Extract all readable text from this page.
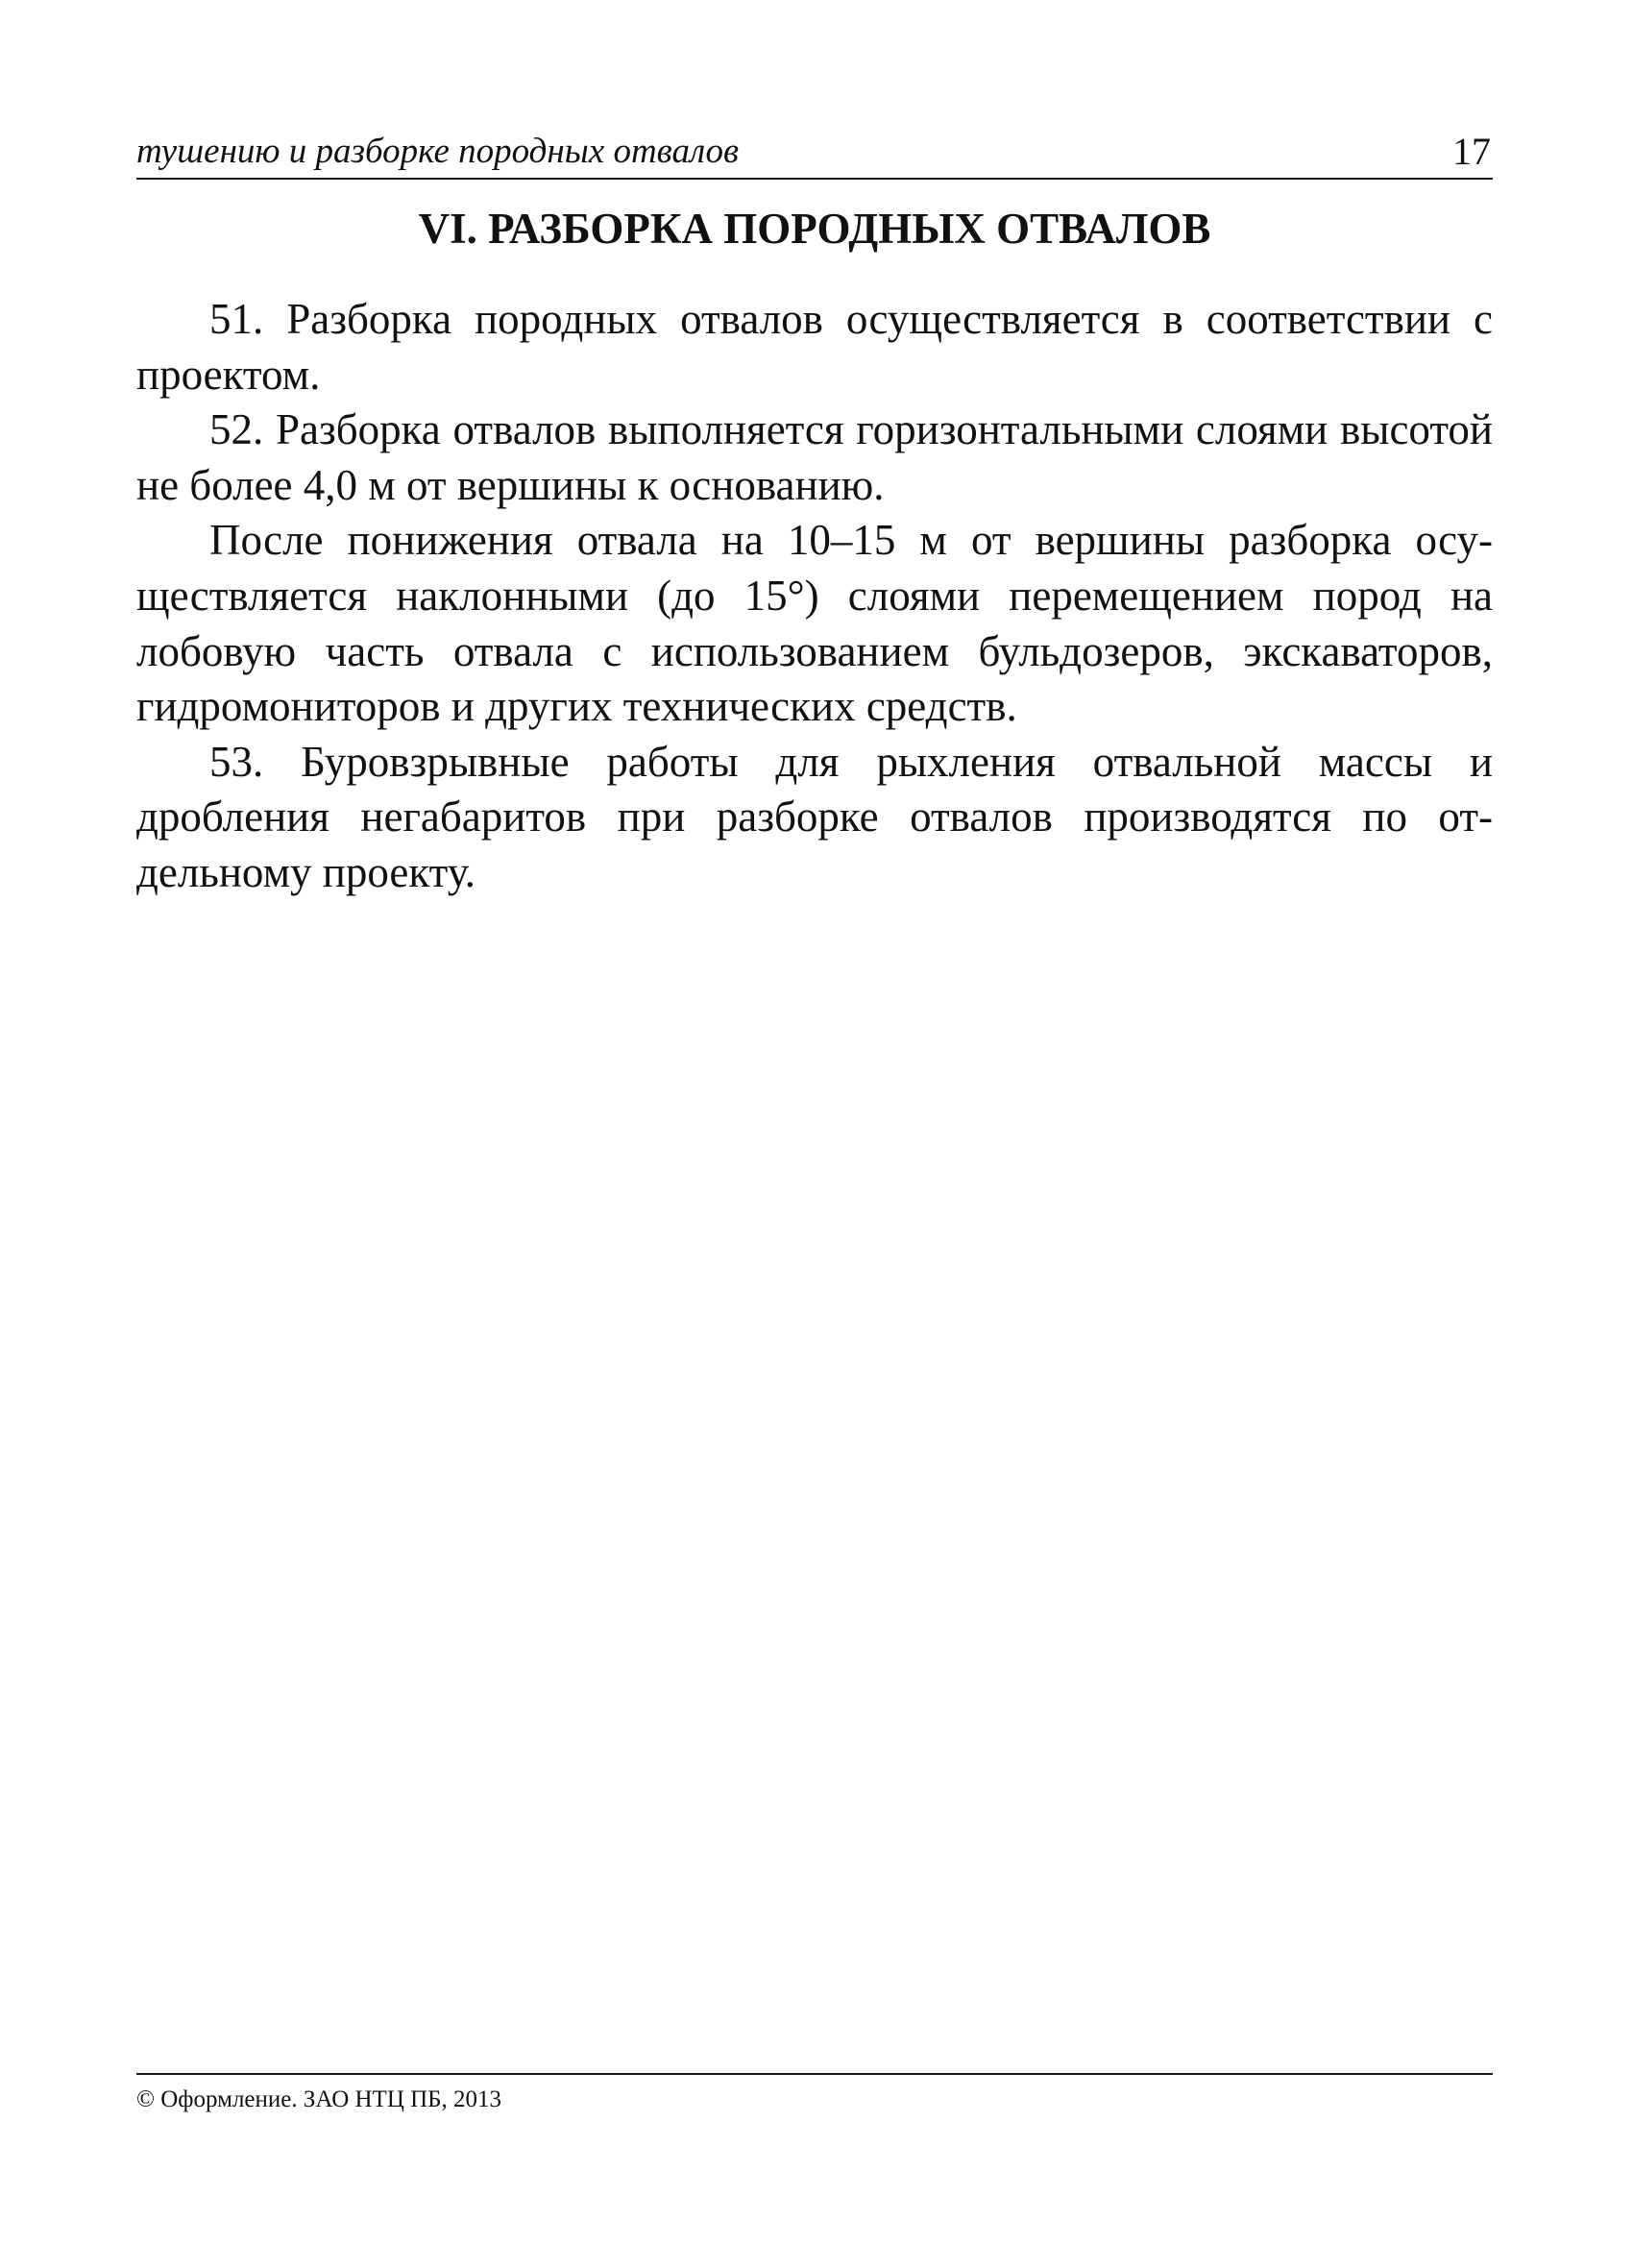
тушению и разборке породных отвалов	17
VI. РАЗБОРКА ПОРОДНЫХ ОТВАЛОВ

51. Разборка породных отвалов осуществляется в соответствии с проектом.

52. Разборка отвалов выполняется горизонтальными слоями высотой не более 4,0 м от вершины к основанию.

После понижения отвала на 10–15 м от вершины разборка осуществляется наклонными (до 15°) слоями перемещением пород на лобовую часть отвала с использованием бульдозеров, экскаваторов, гидромониторов и других технических средств.

53. Буровзрывные работы для рыхления отвальной массы и дробления негабаритов при разборке отвалов производятся по отдельному проекту.

© Оформление. ЗАО НТЦ ПБ, 2013
